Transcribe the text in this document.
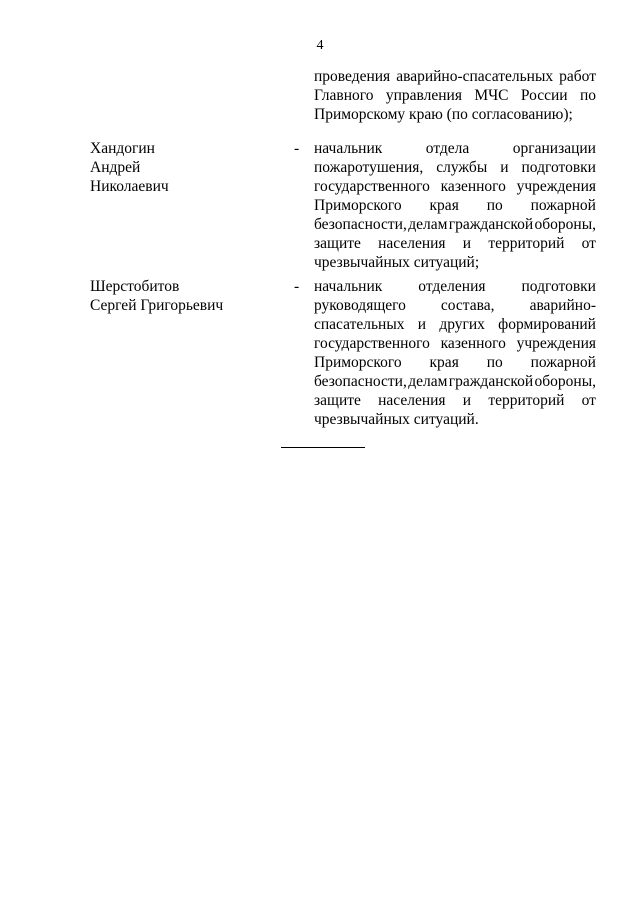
4
проведения аварийно-спасательных работ
Главного управления МЧС России по
Приморскому краю (по согласованию);
Хандогин
Андрей
Николаевич
- начальник	отдела	организации
пожаротушения, службы и подготовки
государственного казенного учреждения
Приморского края по пожарной
безопасности, делам гражданской обороны,
защите населения и территорий от
чрезвычайных ситуаций;
Шерстобитов
Сергей Григорьевич
- начальник отделения подготовки
руководящего состава, аварийно-
спасательных и других формирований
государственного казенного учреждения
Приморского края по пожарной
безопасности, делам гражданской обороны,
защите населения и территорий от
чрезвычайных ситуаций.
